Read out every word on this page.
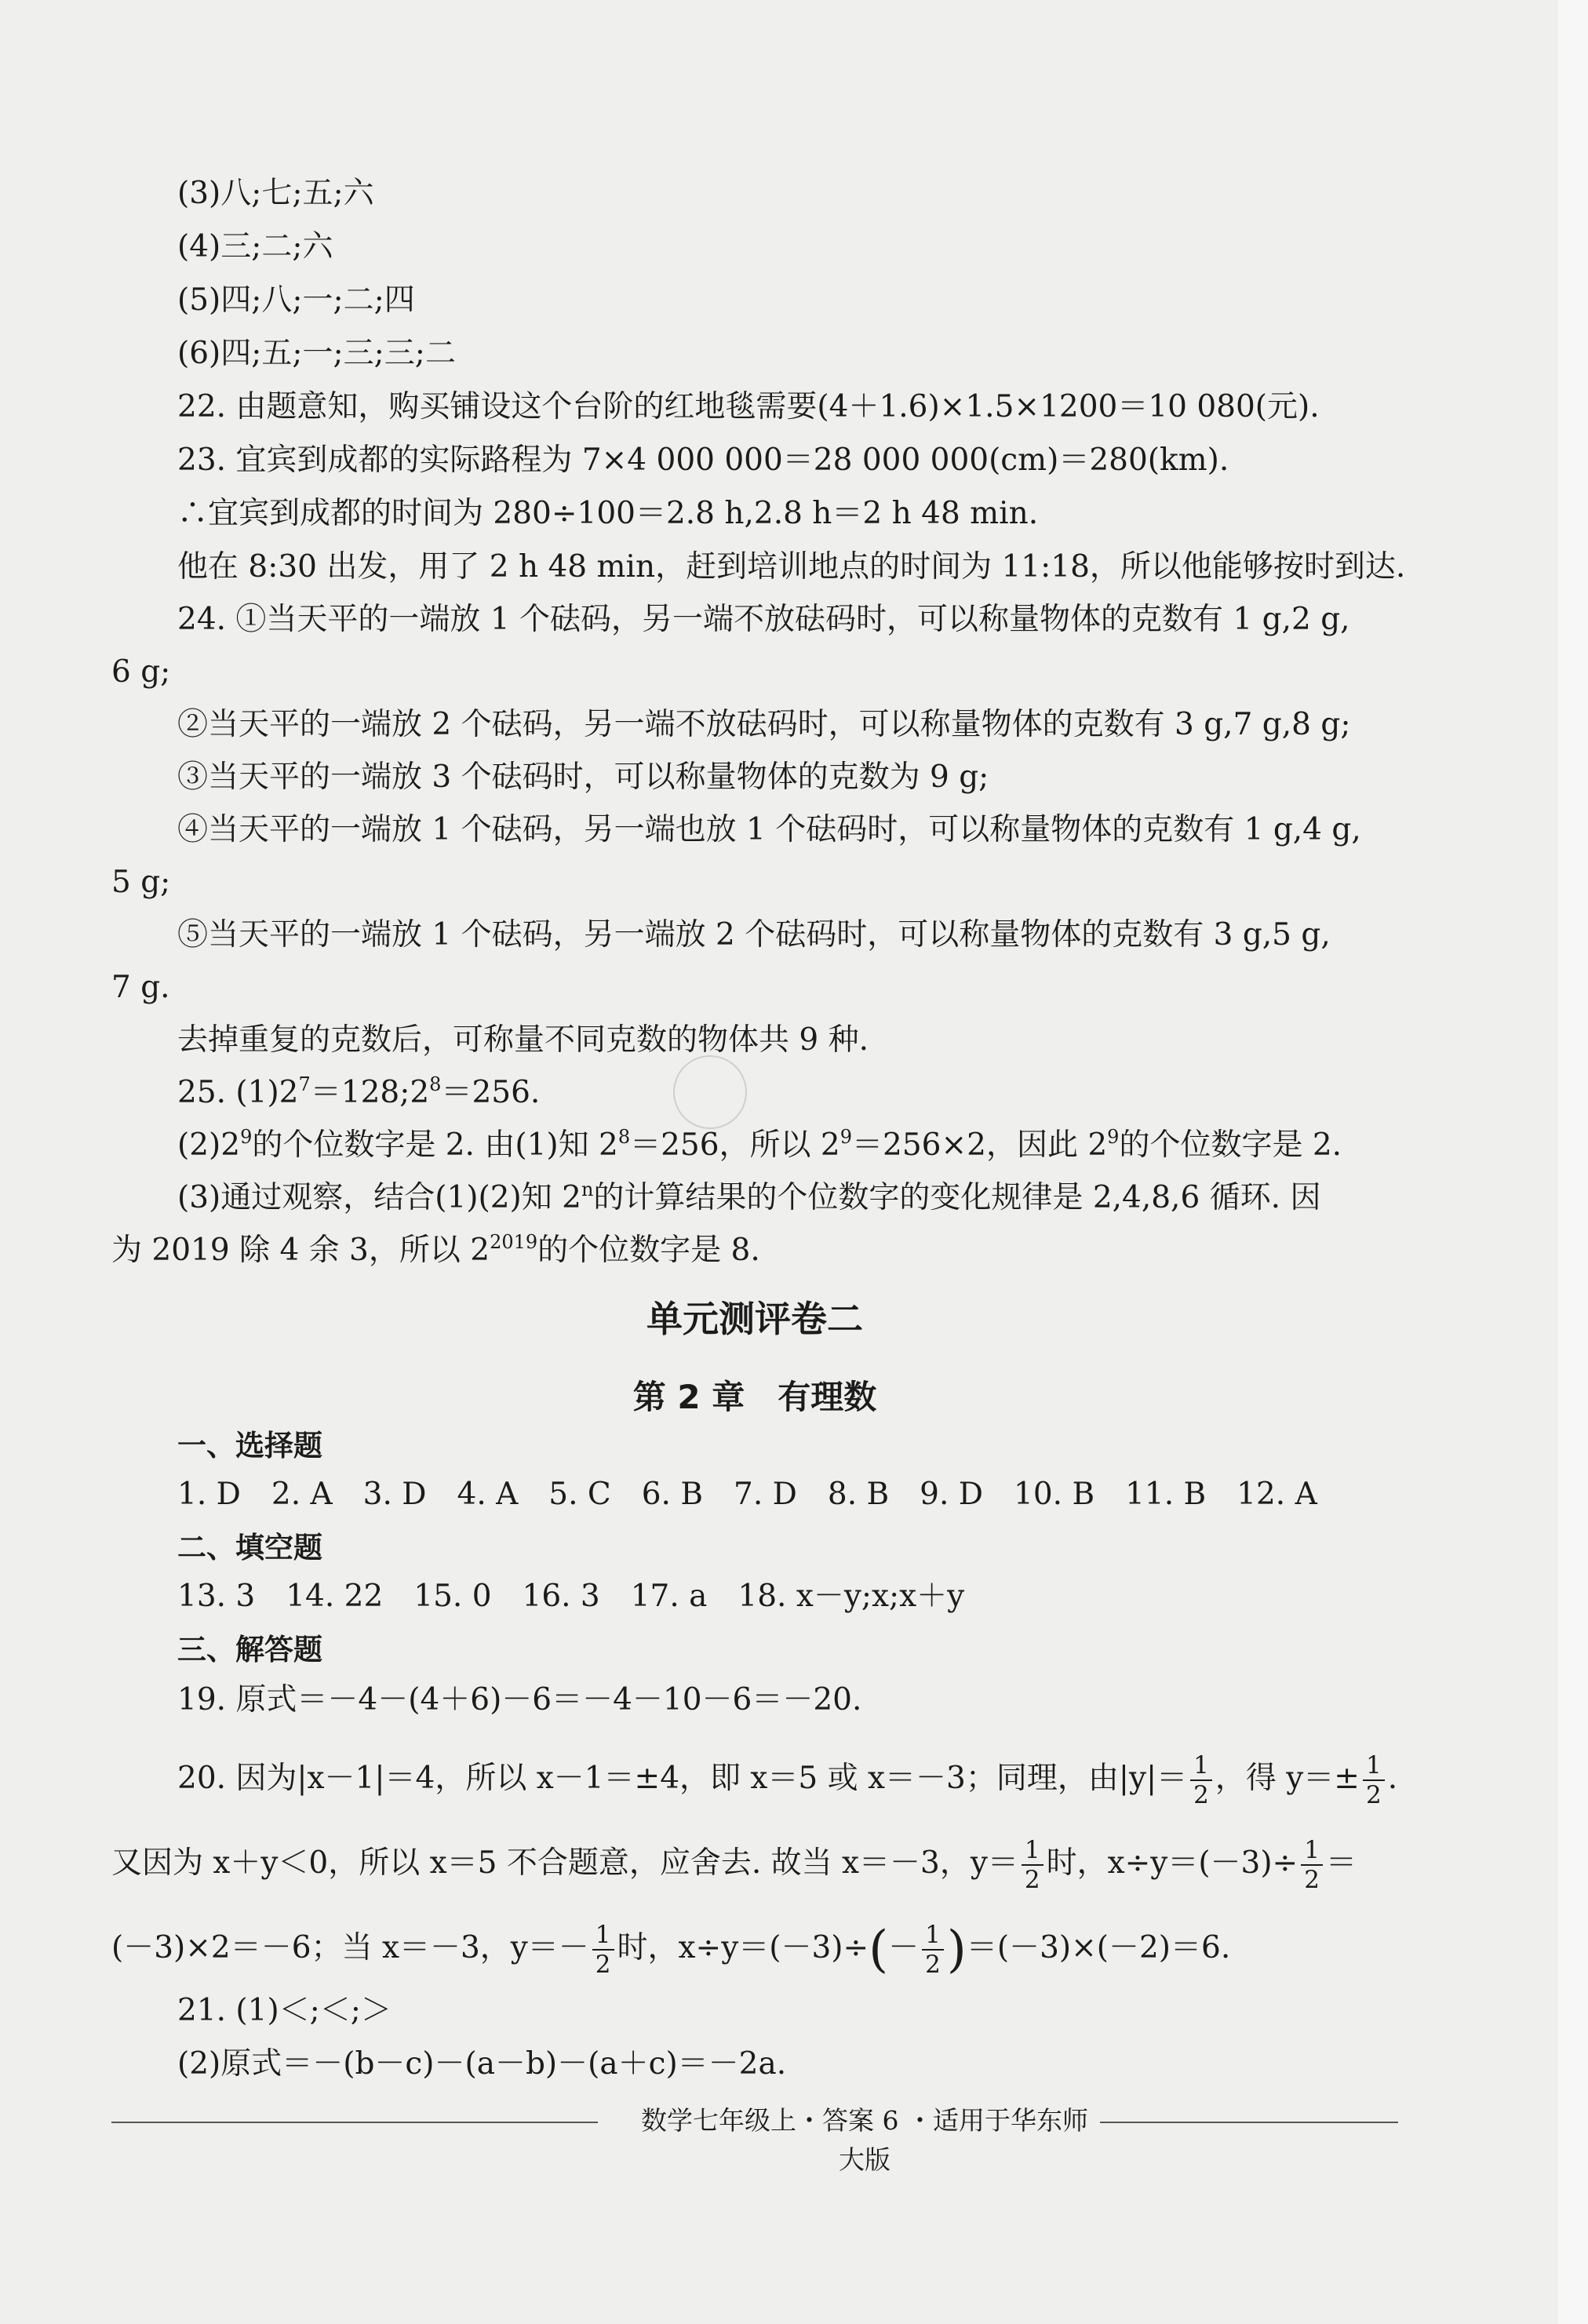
(3)八;七;五;六
(4)三;二;六
(5)四;八;一;二;四
(6)四;五;一;三;三;二
22. 由题意知，购买铺设这个台阶的红地毯需要(4＋1.6)×1.5×1200＝10 080(元).
23. 宜宾到成都的实际路程为 7×4 000 000＝28 000 000(cm)＝280(km).
∴宜宾到成都的时间为 280÷100＝2.8 h,2.8 h＝2 h 48 min.
他在 8:30 出发，用了 2 h 48 min，赶到培训地点的时间为 11:18，所以他能够按时到达.
24. ①当天平的一端放 1 个砝码，另一端不放砝码时，可以称量物体的克数有 1 g,2 g,
6 g;
②当天平的一端放 2 个砝码，另一端不放砝码时，可以称量物体的克数有 3 g,7 g,8 g;
③当天平的一端放 3 个砝码时，可以称量物体的克数为 9 g;
④当天平的一端放 1 个砝码，另一端也放 1 个砝码时，可以称量物体的克数有 1 g,4 g,
5 g;
⑤当天平的一端放 1 个砝码，另一端放 2 个砝码时，可以称量物体的克数有 3 g,5 g,
7 g.
去掉重复的克数后，可称量不同克数的物体共 9 种.
25. $(1)2^7=128;2^8=256$.
$(2)2^9$的个位数字是 2. 由(1)知 $2^8=256$，所以 $2^9=256\times 2$，因此 $2^9$的个位数字是 2.
(3)通过观察，结合(1)(2)知 2$^n$的计算结果的个位数字的变化规律是 2,4,8,6 循环. 因
为 2019 除 4 余 3，所以 $2^{2019}$的个位数字是 8.
单元测评卷二
第 2 章　有理数
一、选择题
1. D　2. A　3. D　4. A　5. C　6. B　7. D　8. B　9. D　10. B　11. B　12. A
二、填空题
13. 3　14. 22　15. 0　16. 3　17. a　18. x－y;x;x＋y
三、解答题
19. 原式＝－4－(4＋6)－6＝－4－10－6＝－20.
20. 因为|x－1|＝4，所以 x－1＝±4，即 x＝5 或 x＝－3；同理，由$|y|= \frac{1}{2}$ ，得 $y=\pm \frac{1}{2}$ .
又因为 x＋y＜0，所以 x＝5 不合题意，应舍去. 故当 x＝－3，$y= \frac{1}{2}$ 时，$x\div y=(-3)\div \frac{1}{2}$ ＝
(－3)×2＝－6；当 x＝－3，$y=- \frac{1}{2}$ 时，$x\div y=(-3)\div(- \frac{1}{2} )=(-3)\times(-2)=6$.
21. (1)＜;＜;＞
(2)原式＝－(b－c)－(a－b)－(a＋c)＝－2a.
数学七年级上・答案 6 ・适用于华东师大版
